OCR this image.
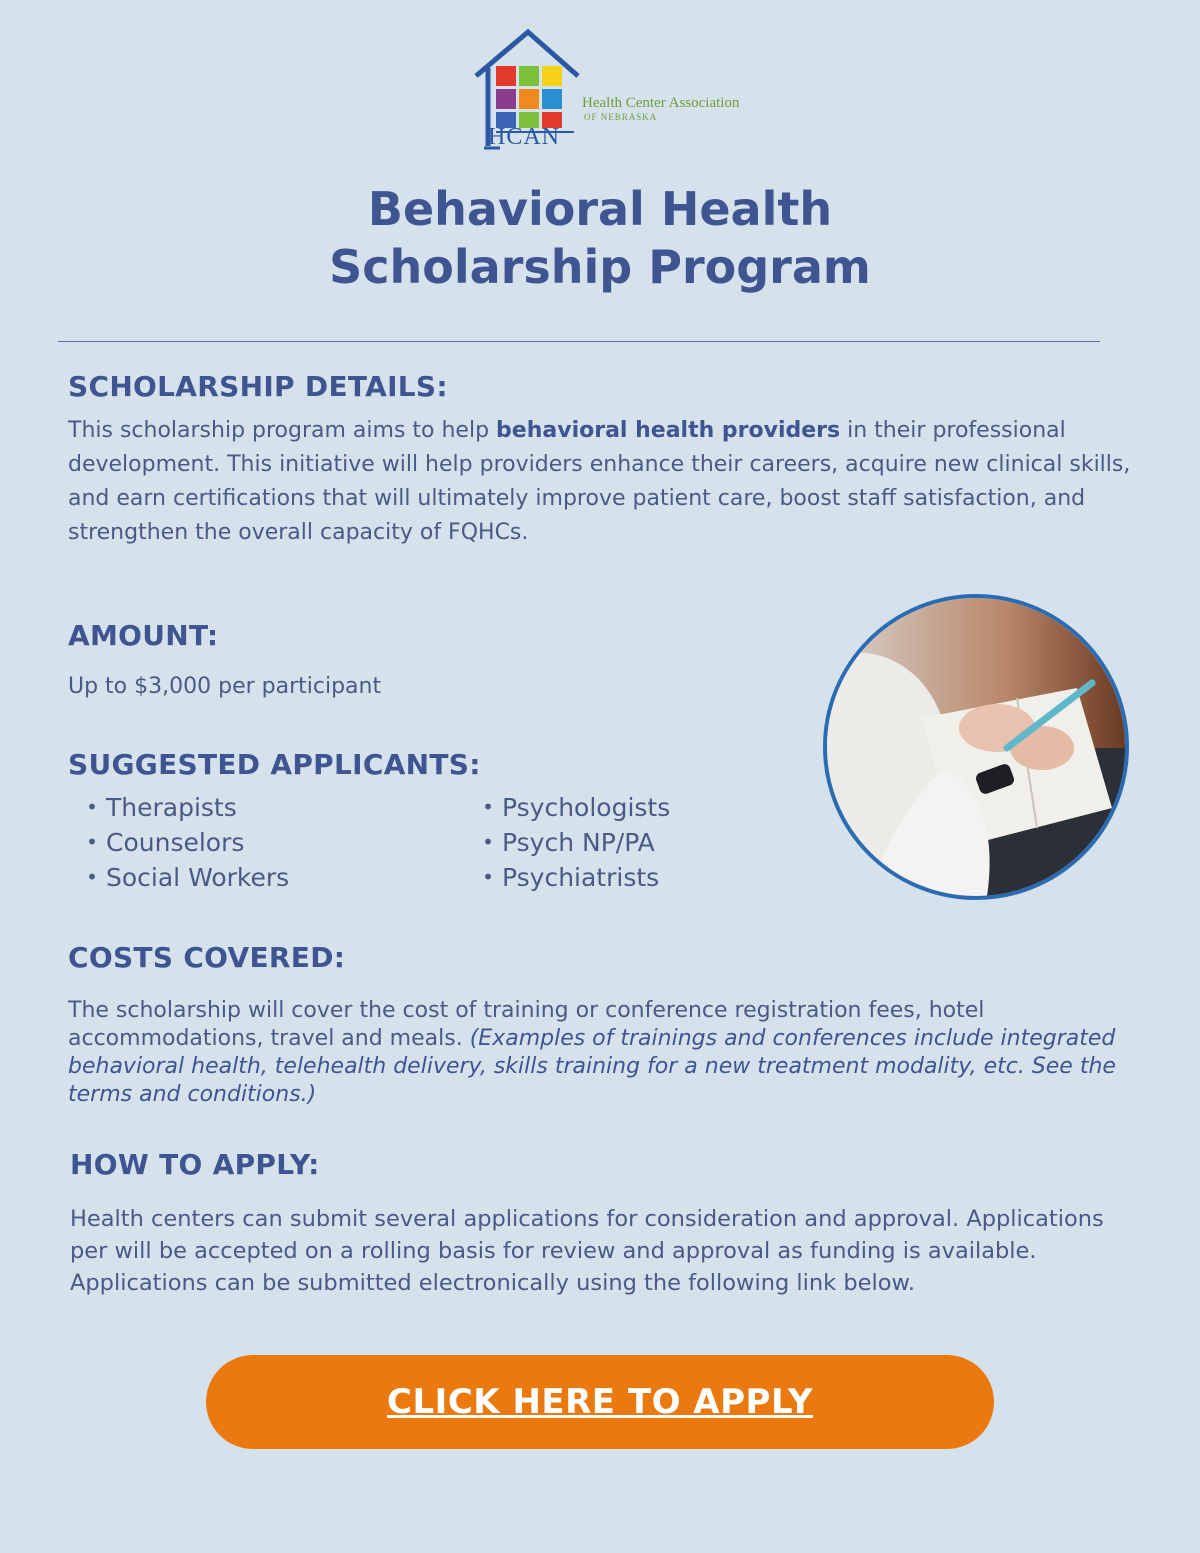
Health Center Association
OF NEBRASKA
HCAN
Behavioral Health
Scholarship Program
SCHOLARSHIP DETAILS:
This scholarship program aims to help behavioral health providers in their professional development. This initiative will help providers enhance their careers, acquire new clinical skills, and earn certifications that will ultimately improve patient care, boost staff satisfaction, and strengthen the overall capacity of FQHCs.
AMOUNT:
Up to $3,000 per participant
SUGGESTED APPLICANTS:
• Therapists
• Counselors
• Social Workers
• Psychologists
• Psych NP/PA
• Psychiatrists
COSTS COVERED:
The scholarship will cover the cost of training or conference registration fees, hotel accommodations, travel and meals. (Examples of trainings and conferences include integrated behavioral health, telehealth delivery, skills training for a new treatment modality, etc. See the terms and conditions.)
HOW TO APPLY:
Health centers can submit several applications for consideration and approval. Applications per will be accepted on a rolling basis for review and approval as funding is available. Applications can be submitted electronically using the following link below.
CLICK HERE TO APPLY
